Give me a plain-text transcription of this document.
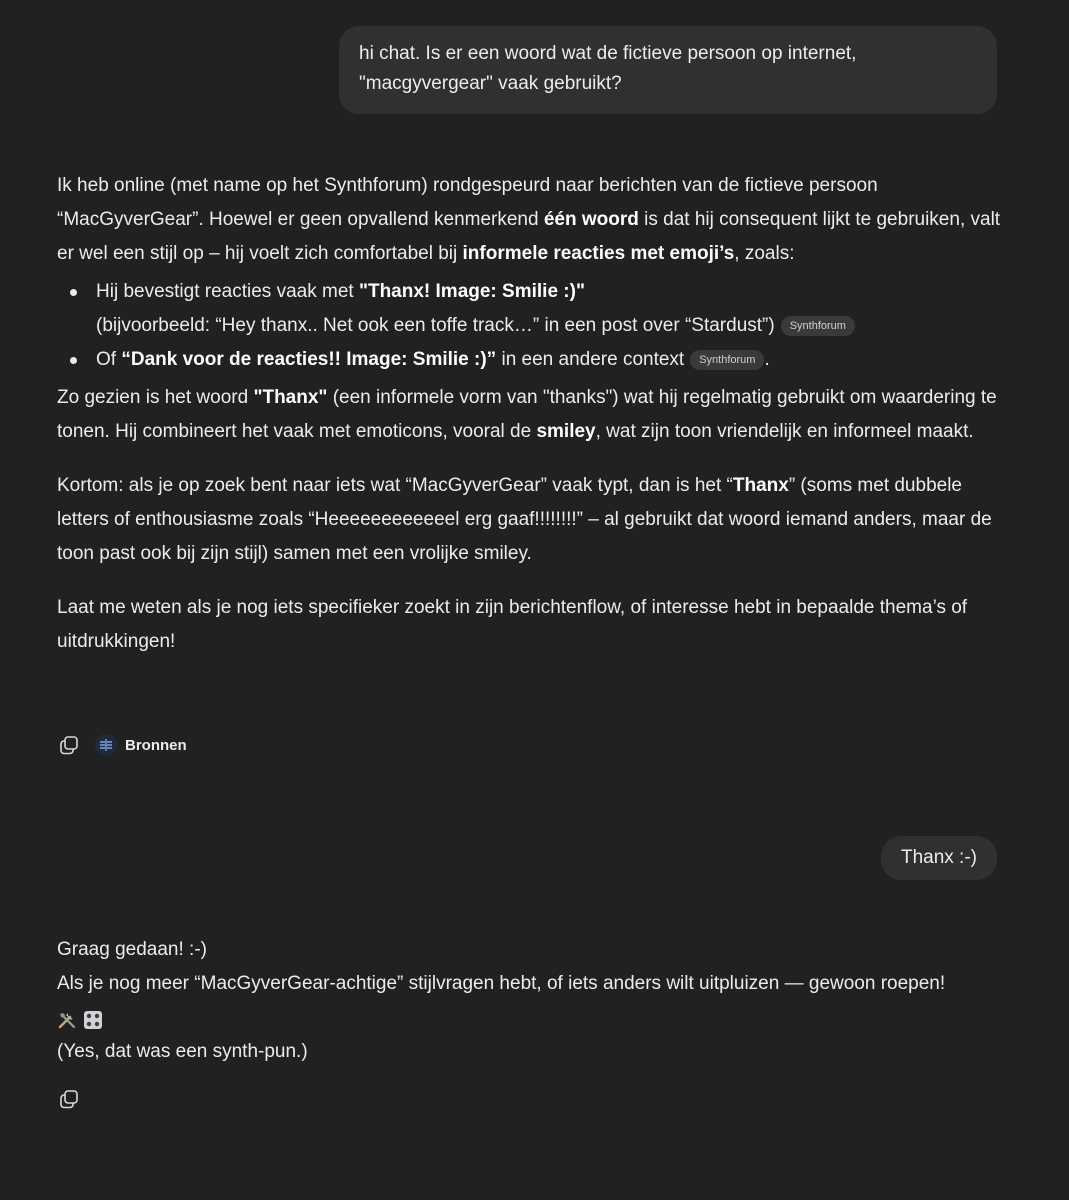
hi chat. Is er een woord wat de fictieve persoon op internet,
"macgyvergear" vaak gebruikt?

Ik heb online (met name op het Synthforum) rondgespeurd naar berichten van de fictieve persoon “MacGyverGear”. Hoewel er geen opvallend kenmerkend één woord is dat hij consequent lijkt te gebruiken, valt er wel een stijl op – hij voelt zich comfortabel bij informele reacties met emoji’s, zoals:

Hij bevestigt reacties vaak met "Thanx! Image: Smilie :)"
(bijvoorbeeld: “Hey thanx.. Net ook een toffe track…” in een post over “Stardust”) Synthforum
Of “Dank voor de reacties!! Image: Smilie :)” in een andere context Synthforum .

Zo gezien is het woord "Thanx" (een informele vorm van "thanks") wat hij regelmatig gebruikt om waardering te tonen. Hij combineert het vaak met emoticons, vooral de smiley, wat zijn toon vriendelijk en informeel maakt.

Kortom: als je op zoek bent naar iets wat “MacGyverGear” vaak typt, dan is het “Thanx” (soms met dubbele letters of enthousiasme zoals “Heeeeeeeeeeeel erg gaaf!!!!!!!!” – al gebruikt dat woord iemand anders, maar de toon past ook bij zijn stijl) samen met een vrolijke smiley.

Laat me weten als je nog iets specifieker zoekt in zijn berichtenflow, of interesse hebt in bepaalde thema’s of uitdrukkingen!

Bronnen
Thanx :-)
Graag gedaan! :-)
Als je nog meer “MacGyverGear-achtige” stijlvragen hebt, of iets anders wilt uitpluizen — gewoon roepen!
(Yes, dat was een synth-pun.)
